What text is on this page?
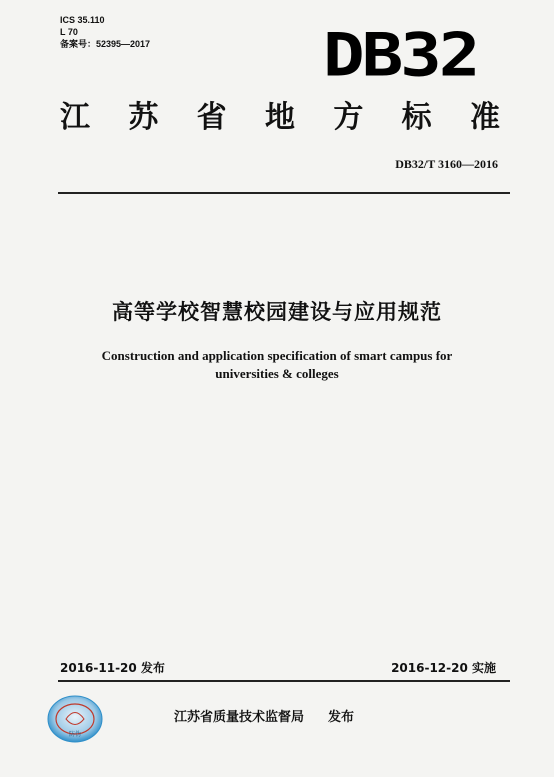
ICS 35.110
L 70
备案号：52395—2017	DB32
江 苏 省 地 方 标 准
DB32/T 3160—2016
高等学校智慧校园建设与应用规范
Construction and application specification of smart campus for
universities & colleges
2016-11-20 发布	2016-12-20 实施
防伪
江苏省质量技术监督局 发布
